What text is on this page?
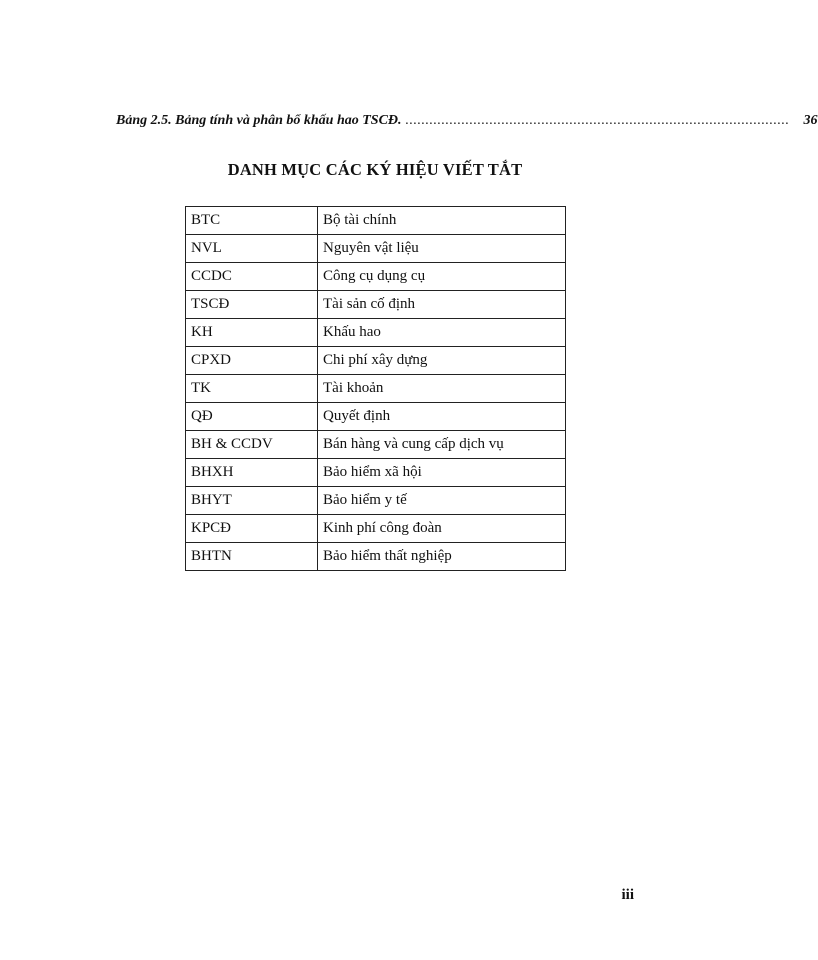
Bảng 2.5. Bảng tính và phân bổ khấu hao TSCĐ. ................................................................................................	36
DANH MỤC CÁC KÝ HIỆU VIẾT TẮT
BTC	Bộ tài chính
NVL	Nguyên vật liệu
CCDC	Công cụ dụng cụ
TSCĐ	Tài sản cố định
KH	Khấu hao
CPXD	Chi phí xây dựng
TK	Tài khoản
QĐ	Quyết định
BH & CCDV	Bán hàng và cung cấp dịch vụ
BHXH	Bảo hiểm xã hội
BHYT	Bảo hiểm y tế
KPCĐ	Kinh phí công đoàn
BHTN	Bảo hiểm thất nghiệp
iii
